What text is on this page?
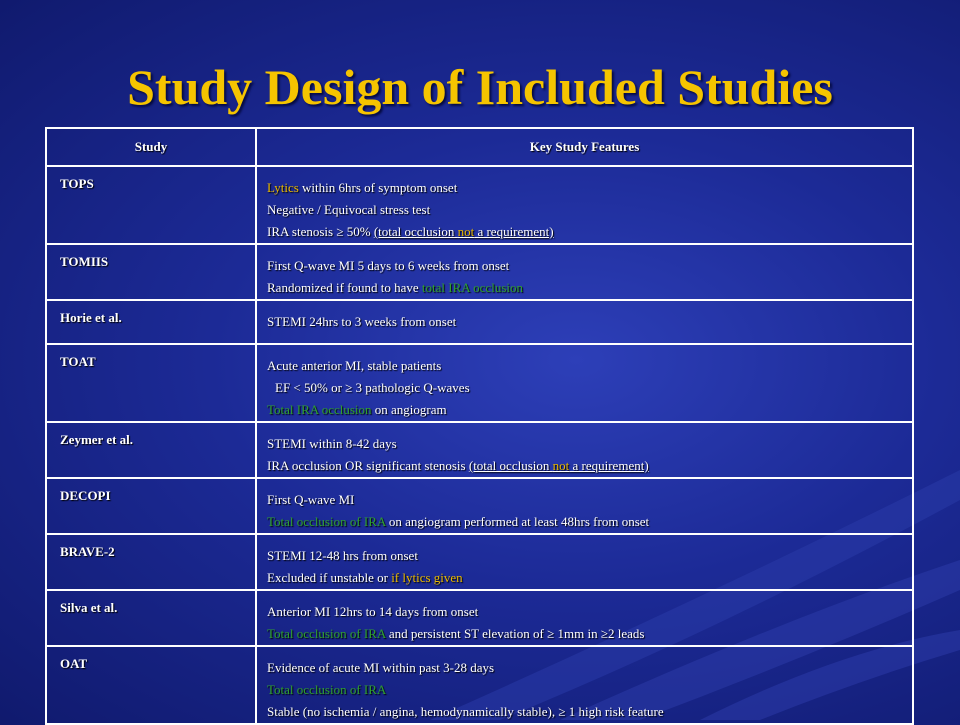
Study Design of Included Studies
Study	Key Study Features
TOPS	Lytics within 6hrs of symptom onset
Negative / Equivocal stress test
IRA stenosis ≥ 50% (total occlusion not a requirement)

TOMIIS	First Q-wave MI 5 days to 6 weeks from onset
Randomized if found to have total IRA occlusion

Horie et al.	STEMI 24hrs to 3 weeks from onset

TOAT	Acute anterior MI, stable patients
EF < 50% or ≥ 3 pathologic Q-waves
Total IRA occlusion on angiogram

Zeymer et al.	STEMI within 8-42 days
IRA occlusion OR significant stenosis (total occlusion not a requirement)

DECOPI	First Q-wave MI
Total occlusion of IRA on angiogram performed at least 48hrs from onset

BRAVE-2	STEMI 12-48 hrs from onset
Excluded if unstable or if lytics given

Silva et al.	Anterior MI 12hrs to 14 days from onset
Total occlusion of IRA and persistent ST elevation of ≥ 1mm in ≥2 leads

OAT	Evidence of acute MI within past 3-28 days
Total occlusion of IRA
Stable (no ischemia / angina, hemodynamically stable), ≥ 1 high risk feature
